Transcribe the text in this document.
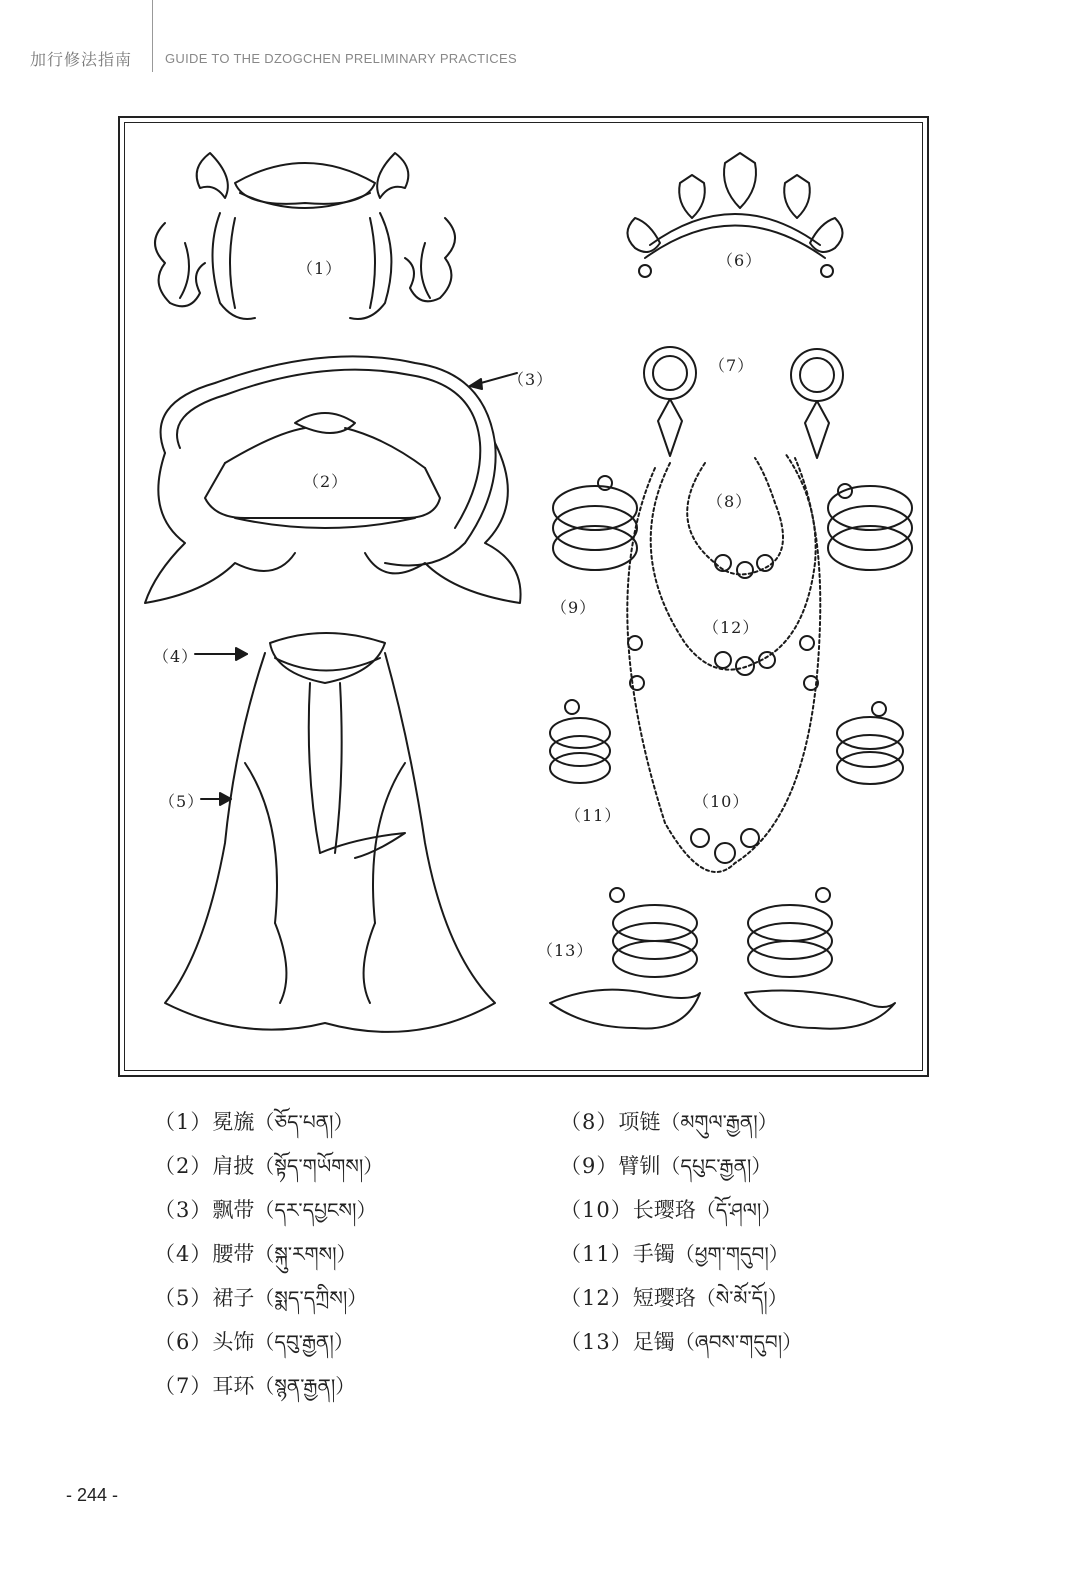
加行修法指南	GUIDE TO THE DZOGCHEN PRELIMINARY PRACTICES
（1）	（6）
（3）
（7）
（2）
（8）
（9）
（12）
（4）
（5）	（10）
（11）
（13）
（1）冕旒（ཅོད་པན།）
（2）肩披（སྟོད་གཡོགས།）
（3）飘带（དར་དཔྱངས།）
（4）腰带（སྐུ་རགས།）
（5）裙子（སྨད་དཀྲིས།）
（6）头饰（དབུ་རྒྱན།）
（7）耳环（སྙན་རྒྱན།）
（8）项链（མགུལ་རྒྱན།）
（9）臂钏（དཔུང་རྒྱན།）
（10）长璎珞（དོ་ཤལ།）
（11）手镯（ཕྱག་གདུབ།）
（12）短璎珞（སེ་མོ་དོ།）
（13）足镯（ཞབས་གདུབ།）
- 244 -
